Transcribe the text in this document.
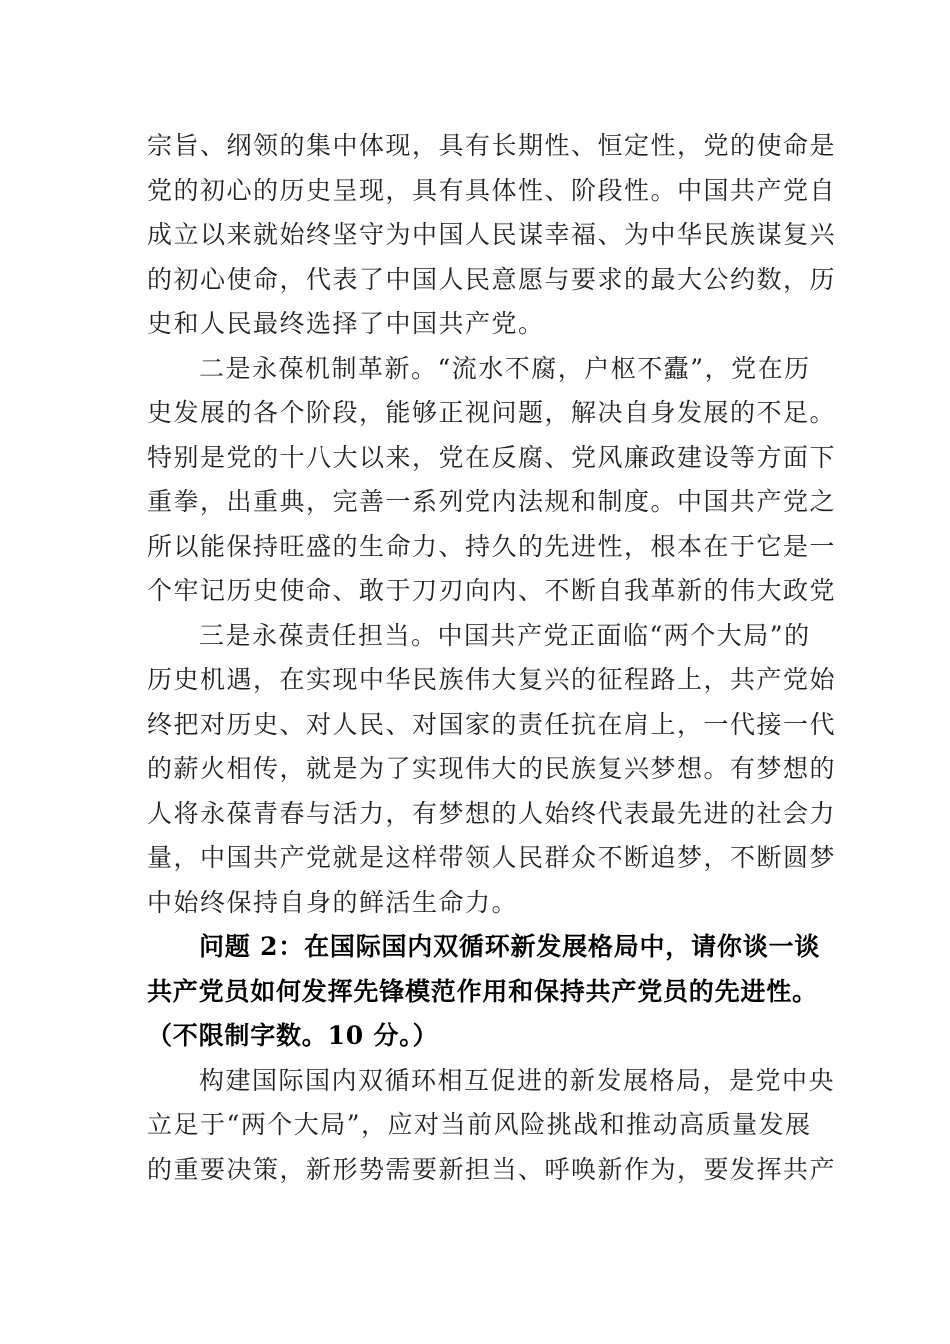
宗旨、纲领的集中体现，具有长期性、恒定性，党的使命是
党的初心的历史呈现，具有具体性、阶段性。中国共产党自
成立以来就始终坚守为中国人民谋幸福、为中华民族谋复兴
的初心使命，代表了中国人民意愿与要求的最大公约数，历
史和人民最终选择了中国共产党。
二是永葆机制革新。“流水不腐，户枢不蠹”，党在历
史发展的各个阶段，能够正视问题，解决自身发展的不足。
特别是党的十八大以来，党在反腐、党风廉政建设等方面下
重拳，出重典，完善一系列党内法规和制度。中国共产党之
所以能保持旺盛的生命力、持久的先进性，根本在于它是一
个牢记历史使命、敢于刀刃向内、不断自我革新的伟大政党
三是永葆责任担当。中国共产党正面临“两个大局”的
历史机遇，在实现中华民族伟大复兴的征程路上，共产党始
终把对历史、对人民、对国家的责任抗在肩上，一代接一代
的薪火相传，就是为了实现伟大的民族复兴梦想。有梦想的
人将永葆青春与活力，有梦想的人始终代表最先进的社会力
量，中国共产党就是这样带领人民群众不断追梦，不断圆梦
中始终保持自身的鲜活生命力。
问题 2：在国际国内双循环新发展格局中，请你谈一谈
共产党员如何发挥先锋模范作用和保持共产党员的先进性。
（不限制字数。10 分。）
构建国际国内双循环相互促进的新发展格局，是党中央
立足于“两个大局”，应对当前风险挑战和推动高质量发展
的重要决策，新形势需要新担当、呼唤新作为，要发挥共产
